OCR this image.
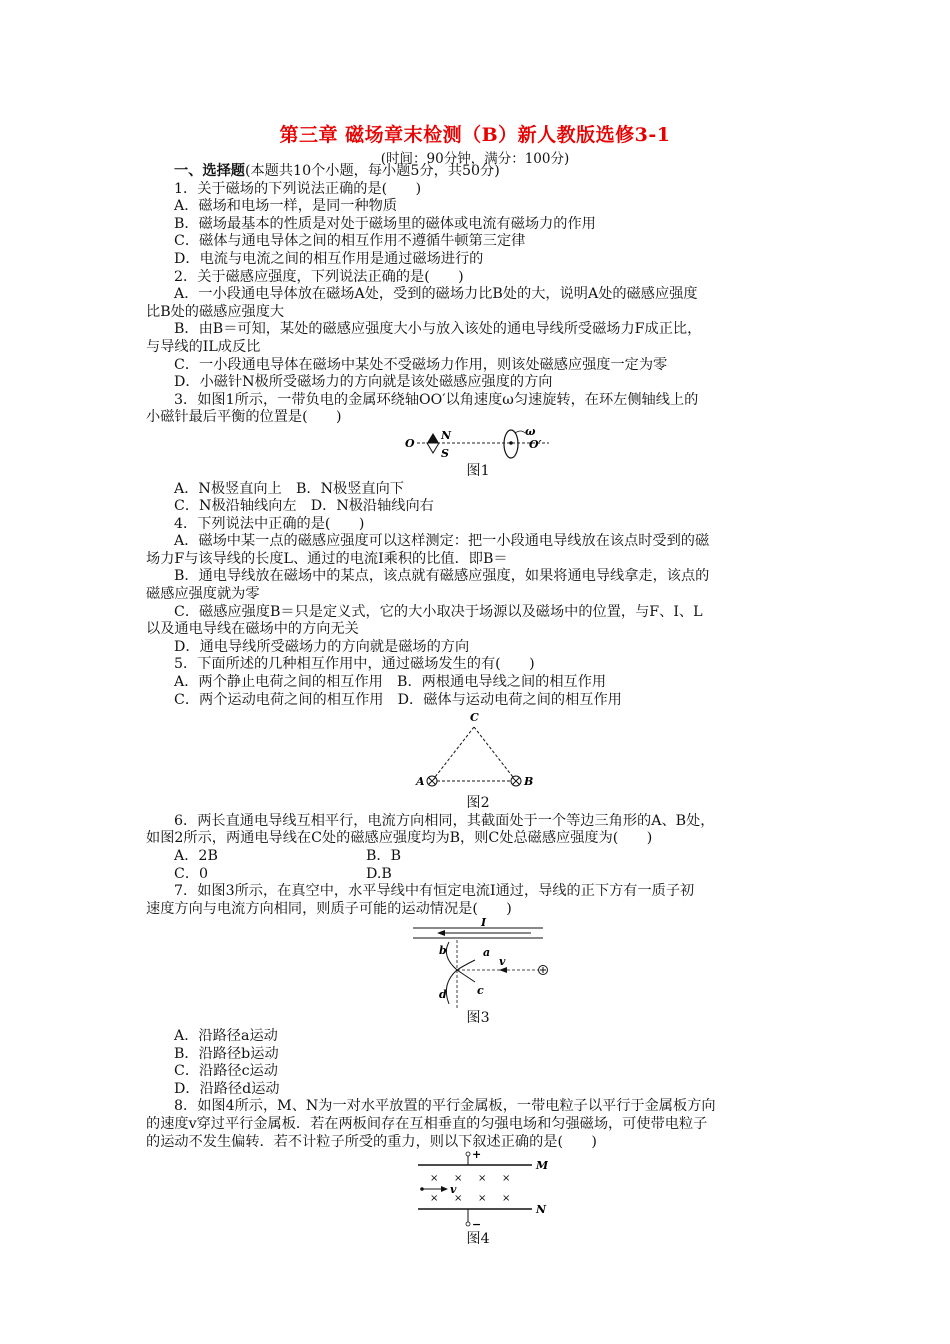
第三章 磁场章末检测（B）新人教版选修3-1
(时间：90分钟，满分：100分)

一、选择题(本题共10个小题，每小题5分，共50分)

1．关于磁场的下列说法正确的是(　　)

A．磁场和电场一样，是同一种物质

B．磁场最基本的性质是对处于磁场里的磁体或电流有磁场力的作用

C．磁体与通电导体之间的相互作用不遵循牛顿第三定律

D．电流与电流之间的相互作用是通过磁场进行的

2．关于磁感应强度，下列说法正确的是(　　)

A．一小段通电导体放在磁场A处，受到的磁场力比B处的大，说明A处的磁感应强度

比B处的磁感应强度大

B．由B＝可知，某处的磁感应强度大小与放入该处的通电导线所受磁场力F成正比，

与导线的IL成反比

C．一小段通电导体在磁场中某处不受磁场力作用，则该处磁感应强度一定为零

D．小磁针N极所受磁场力的方向就是该处磁感应强度的方向

3．如图1所示，一带负电的金属环绕轴OO′以角速度ω匀速旋转，在环左侧轴线上的

小磁针最后平衡的位置是(　　)

O
N
S
ω
O′

图1

A．N极竖直向上　B．N极竖直向下

C．N极沿轴线向左　D．N极沿轴线向右

4．下列说法中正确的是(　　)

A．磁场中某一点的磁感应强度可以这样测定：把一小段通电导线放在该点时受到的磁

场力F与该导线的长度L、通过的电流I乘积的比值．即B＝

B．通电导线放在磁场中的某点，该点就有磁感应强度，如果将通电导线拿走，该点的

磁感应强度就为零

C．磁感应强度B＝只是定义式，它的大小取决于场源以及磁场中的位置，与F、I、L

以及通电导线在磁场中的方向无关

D．通电导线所受磁场力的方向就是磁场的方向

5．下面所述的几种相互作用中，通过磁场发生的有(　　)

A．两个静止电荷之间的相互作用　B．两根通电导线之间的相互作用

C．两个运动电荷之间的相互作用　D．磁体与运动电荷之间的相互作用

C
A	B

图2

6．两长直通电导线互相平行，电流方向相同，其截面处于一个等边三角形的A、B处，

如图2所示，两通电导线在C处的磁感应强度均为B，则C处总磁感应强度为(　　)

A．2B	B．B
C．0	D.B

7．如图3所示，在真空中，水平导线中有恒定电流I通过，导线的正下方有一质子初

速度方向与电流方向相同，则质子可能的运动情况是(　　)

I
v
a
b
c
d

图3

A．沿路径a运动

B．沿路径b运动

C．沿路径c运动

D．沿路径d运动

8．如图4所示，M、N为一对水平放置的平行金属板，一带电粒子以平行于金属板方向

的速度v穿过平行金属板．若在两板间存在互相垂直的匀强电场和匀强磁场，可使带电粒子

的运动不发生偏转．若不计粒子所受的重力，则以下叙述正确的是(　　)

+
M
× × × ×
× × × ×
v
N
−

图4
